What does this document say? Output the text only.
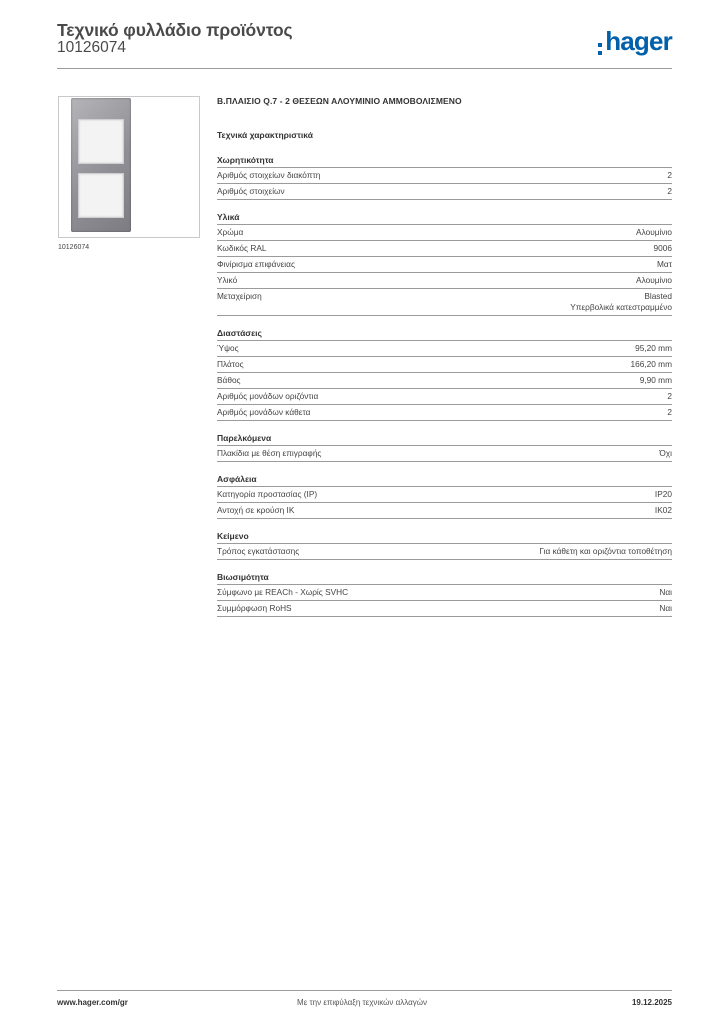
Τεχνικό φυλλάδιο προϊόντος
10126074	hager
10126074
Β.ΠΛΑΙΣΙΟ Q.7 - 2 ΘΕΣΕΩΝ ΑΛΟΥΜΙΝΙΟ ΑΜΜΟΒΟΛΙΣΜΕΝΟ
Τεχνικά χαρακτηριστικά
Χωρητικότητα
Αριθμός στοιχείων διακόπτη	2
Αριθμός στοιχείων	2
Υλικά
Χρώμα	Αλουμίνιο
Κωδικός RAL	9006
Φινίρισμα επιφάνειας	Ματ
Υλικό	Αλουμίνιο
Μεταχείριση	Blasted
Υπερβολικά κατεστραμμένο
Διαστάσεις
Ύψος	95,20 mm
Πλάτος	166,20 mm
Βάθος	9,90 mm
Αριθμός μονάδων οριζόντια	2
Αριθμός μονάδων κάθετα	2
Παρελκόμενα
Πλακίδια με θέση επιγραφής	Όχι
Ασφάλεια
Κατηγορία προστασίας (IP)	IP20
Αντοχή σε κρούση IK	IK02
Κείμενο
Τρόπος εγκατάστασης	Για κάθετη και οριζόντια τοποθέτηση
Βιωσιμότητα
Σύμφωνο με REACh - Χωρίς SVHC	Ναι
Συμμόρφωση RoHS	Ναι
www.hager.com/gr	Με την επιφύλαξη τεχνικών αλλαγών	19.12.2025
